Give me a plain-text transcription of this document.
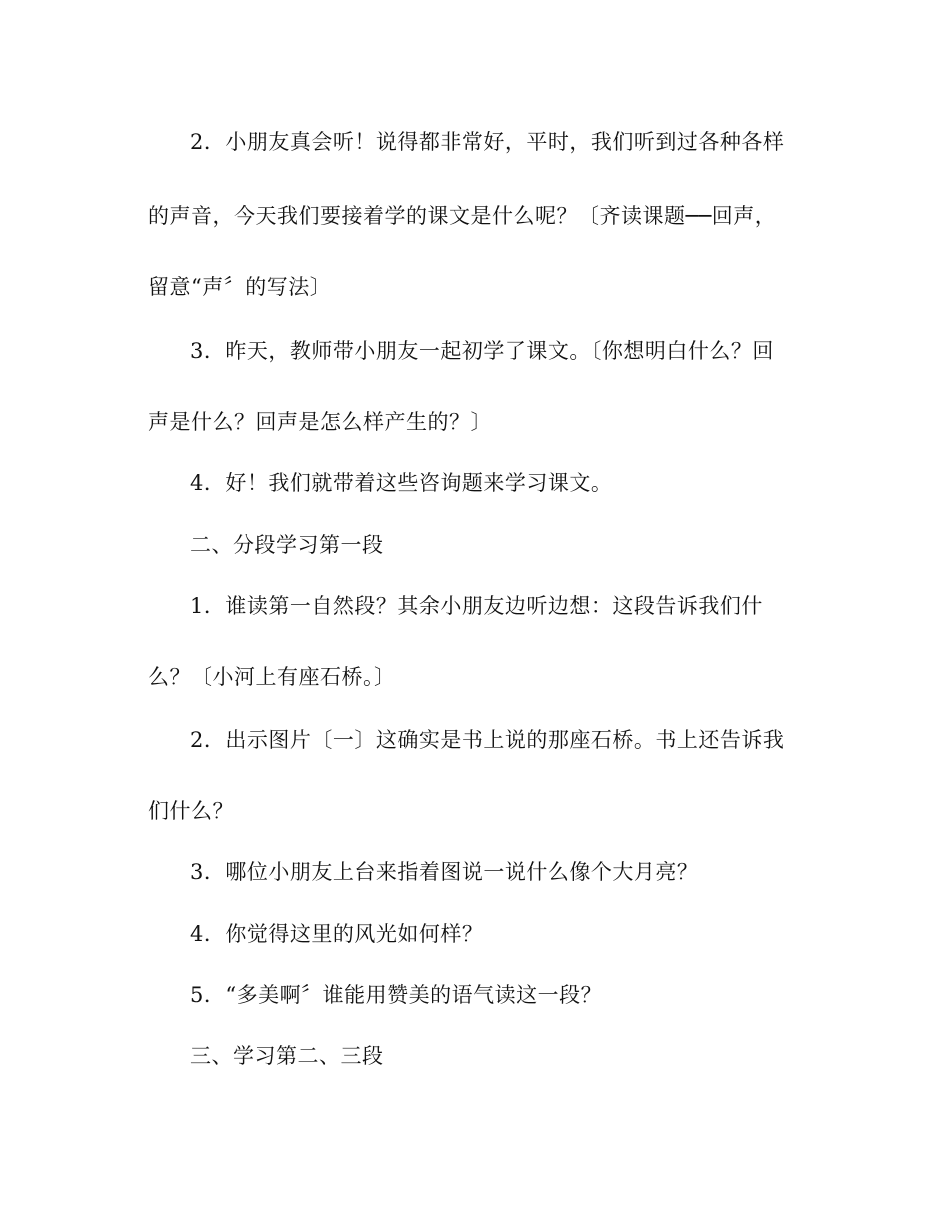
2．小朋友真会听！说得都非常好，平时，我们听到过各种各样
的声音，今天我们要接着学的课文是什么呢？〔齐读课题──回声，
留意“声〞的写法〕
3．昨天，教师带小朋友一起初学了课文。〔你想明白什么？回
声是什么？回声是怎么样产生的？〕
4．好！我们就带着这些咨询题来学习课文。
二、分段学习第一段
1．谁读第一自然段？其余小朋友边听边想：这段告诉我们什
么？〔小河上有座石桥。〕
2．出示图片〔一〕这确实是书上说的那座石桥。书上还告诉我
们什么？
3．哪位小朋友上台来指着图说一说什么像个大月亮？
4．你觉得这里的风光如何样？
5．“多美啊〞谁能用赞美的语气读这一段？
三、学习第二、三段
